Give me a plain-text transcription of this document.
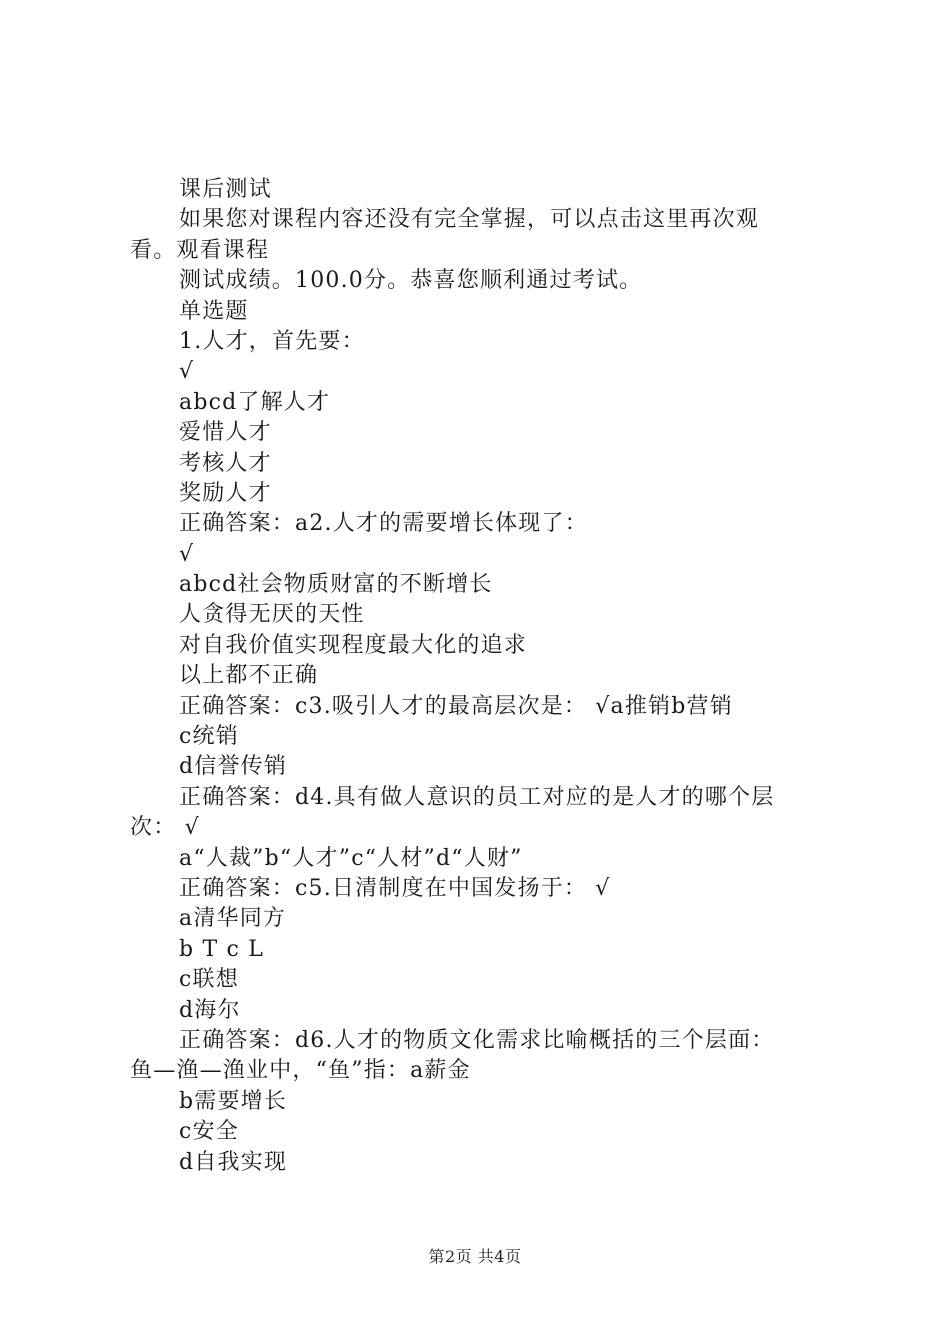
课后测试
如果您对课程内容还没有完全掌握，可以点击这里再次观
看。观看课程
测试成绩。100.0分。恭喜您顺利通过考试。
单选题
1.人才，首先要：
√
abcd了解人才
爱惜人才
考核人才
奖励人才
正确答案：a2.人才的需要增长体现了：
√
abcd社会物质财富的不断增长
人贪得无厌的天性
对自我价值实现程度最大化的追求
以上都不正确
正确答案：c3.吸引人才的最高层次是： √a推销b营销
c统销
d信誉传销
正确答案：d4.具有做人意识的员工对应的是人才的哪个层
次： √
a“人裁”b“人才”c“人材”d“人财”
正确答案：c5.日清制度在中国发扬于： √
a清华同方
b T c L
c联想
d海尔
正确答案：d6.人才的物质文化需求比喻概括的三个层面：
鱼—渔—渔业中，“鱼”指：a薪金
b需要增长
c安全
d自我实现
第2页 共4页
